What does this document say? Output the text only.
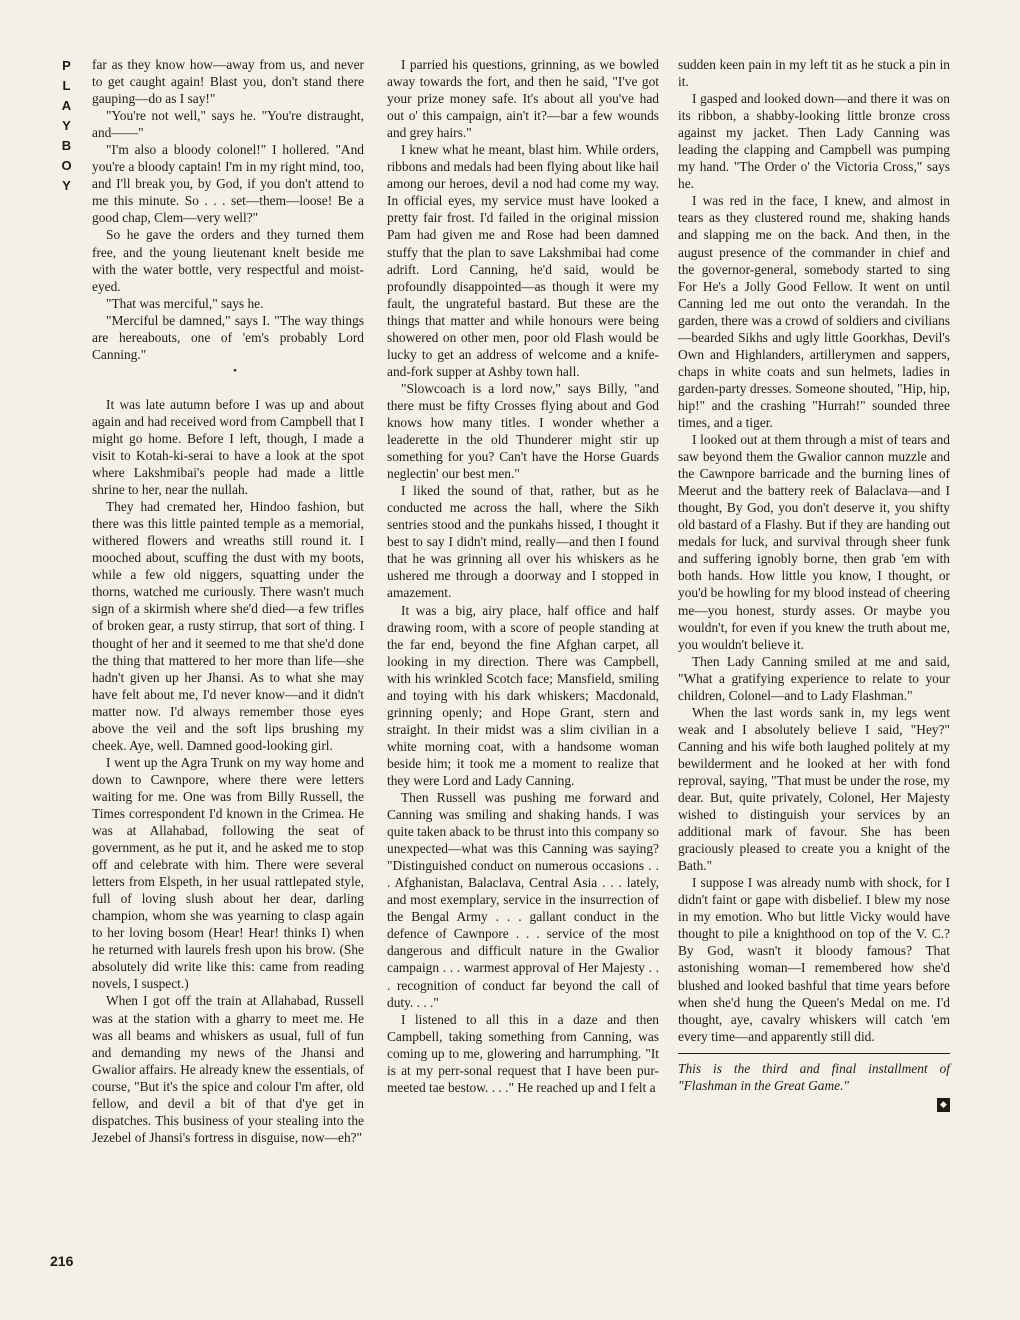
PLAYBOY far as they know how—away from us, and never to get caught again! Blast you, don't stand there gauping—do as I say!"

"You're not well," says he. "You're distraught, and——"

"I'm also a bloody colonel!" I hollered. "And you're a bloody captain! I'm in my right mind, too, and I'll break you, by God, if you don't attend to me this minute. So . . . set—them—loose! Be a good chap, Clem—very well?"

So he gave the orders and they turned them free, and the young lieutenant knelt beside me with the water bottle, very respectful and moist-eyed.

"That was merciful," says he.

"Merciful be damned," says I. "The way things are hereabouts, one of 'em's probably Lord Canning."

•

It was late autumn before I was up and about again and had received word from Campbell that I might go home. Before I left, though, I made a visit to Kotah-ki-serai to have a look at the spot where Lakshmibai's people had made a little shrine to her, near the nullah.

They had cremated her, Hindoo fashion, but there was this little painted temple as a memorial, withered flowers and wreaths still round it. I mooched about, scuffing the dust with my boots, while a few old niggers, squatting under the thorns, watched me curiously. There wasn't much sign of a skirmish where she'd died—a few trifles of broken gear, a rusty stirrup, that sort of thing. I thought of her and it seemed to me that she'd done the thing that mattered to her more than life—she hadn't given up her Jhansi. As to what she may have felt about me, I'd never know—and it didn't matter now. I'd always remember those eyes above the veil and the soft lips brushing my cheek. Aye, well. Damned good-looking girl.

I went up the Agra Trunk on my way home and down to Cawnpore, where there were letters waiting for me. One was from Billy Russell, the Times correspondent I'd known in the Crimea. He was at Allahabad, following the seat of government, as he put it, and he asked me to stop off and celebrate with him. There were several letters from Elspeth, in her usual rattlepated style, full of loving slush about her dear, darling champion, whom she was yearning to clasp again to her loving bosom (Hear! Hear! thinks I) when he returned with laurels fresh upon his brow. (She absolutely did write like this: came from reading novels, I suspect.)

When I got off the train at Allahabad, Russell was at the station with a gharry to meet me. He was all beams and whiskers as usual, full of fun and demanding my news of the Jhansi and Gwalior affairs. He already knew the essentials, of course, "But it's the spice and colour I'm after, old fellow, and devil a bit of that d'ye get in dispatches. This business of your stealing into the Jezebel of Jhansi's fortress in disguise, now—eh?"

I parried his questions, grinning, as we bowled away towards the fort, and then he said, "I've got your prize money safe. It's about all you've had out o' this campaign, ain't it?—bar a few wounds and grey hairs."

I knew what he meant, blast him. While orders, ribbons and medals had been flying about like hail among our heroes, devil a nod had come my way. In official eyes, my service must have looked a pretty fair frost. I'd failed in the original mission Pam had given me and Rose had been damned stuffy that the plan to save Lakshmibai had come adrift. Lord Canning, he'd said, would be profoundly disappointed—as though it were my fault, the ungrateful bastard. But these are the things that matter and while honours were being showered on other men, poor old Flash would be lucky to get an address of welcome and a knife-and-fork supper at Ashby town hall.

"Slowcoach is a lord now," says Billy, "and there must be fifty Crosses flying about and God knows how many titles. I wonder whether a leaderette in the old Thunderer might stir up something for you? Can't have the Horse Guards neglectin' our best men."

I liked the sound of that, rather, but as he conducted me across the hall, where the Sikh sentries stood and the punkahs hissed, I thought it best to say I didn't mind, really—and then I found that he was grinning all over his whiskers as he ushered me through a doorway and I stopped in amazement.

It was a big, airy place, half office and half drawing room, with a score of people standing at the far end, beyond the fine Afghan carpet, all looking in my direction. There was Campbell, with his wrinkled Scotch face; Mansfield, smiling and toying with his dark whiskers; Macdonald, grinning openly; and Hope Grant, stern and straight. In their midst was a slim civilian in a white morning coat, with a handsome woman beside him; it took me a moment to realize that they were Lord and Lady Canning.

Then Russell was pushing me forward and Canning was smiling and shaking hands. I was quite taken aback to be thrust into this company so unexpected—what was this Canning was saying? "Distinguished conduct on numerous occasions . . . Afghanistan, Balaclava, Central Asia . . . lately, and most exemplary, service in the insurrection of the Bengal Army . . . gallant conduct in the defence of Cawnpore . . . service of the most dangerous and difficult nature in the Gwalior campaign . . . warmest approval of Her Majesty . . . recognition of conduct far beyond the call of duty. . . ."

I listened to all this in a daze and then Campbell, taking something from Canning, was coming up to me, glowering and harrumphing. "It is at my perr-sonal request that I have been pur-meeted tae bestow. . . ." He reached up and I felt a

sudden keen pain in my left tit as he stuck a pin in it.

I gasped and looked down—and there it was on its ribbon, a shabby-looking little bronze cross against my jacket. Then Lady Canning was leading the clapping and Campbell was pumping my hand. "The Order o' the Victoria Cross," says he.

I was red in the face, I knew, and almost in tears as they clustered round me, shaking hands and slapping me on the back. And then, in the august presence of the commander in chief and the governor-general, somebody started to sing For He's a Jolly Good Fellow. It went on until Canning led me out onto the verandah. In the garden, there was a crowd of soldiers and civilians—bearded Sikhs and ugly little Goorkhas, Devil's Own and Highlanders, artillerymen and sappers, chaps in white coats and sun helmets, ladies in garden-party dresses. Someone shouted, "Hip, hip, hip!" and the crashing "Hurrah!" sounded three times, and a tiger.

I looked out at them through a mist of tears and saw beyond them the Gwalior cannon muzzle and the Cawnpore barricade and the burning lines of Meerut and the battery reek of Balaclava—and I thought, By God, you don't deserve it, you shifty old bastard of a Flashy. But if they are handing out medals for luck, and survival through sheer funk and suffering ignobly borne, then grab 'em with both hands. How little you know, I thought, or you'd be howling for my blood instead of cheering me—you honest, sturdy asses. Or maybe you wouldn't, for even if you knew the truth about me, you wouldn't believe it.

Then Lady Canning smiled at me and said, "What a gratifying experience to relate to your children, Colonel—and to Lady Flashman."

When the last words sank in, my legs went weak and I absolutely believe I said, "Hey?" Canning and his wife both laughed politely at my bewilderment and he looked at her with fond reproval, saying, "That must be under the rose, my dear. But, quite privately, Colonel, Her Majesty wished to distinguish your services by an additional mark of favour. She has been graciously pleased to create you a knight of the Bath."

I suppose I was already numb with shock, for I didn't faint or gape with disbelief. I blew my nose in my emotion. Who but little Vicky would have thought to pile a knighthood on top of the V. C.? By God, wasn't it bloody famous? That astonishing woman—I remembered how she'd blushed and looked bashful that time years before when she'd hung the Queen's Medal on me. I'd thought, aye, cavalry whiskers will catch 'em every time—and apparently still did.

This is the third and final installment of "Flashman in the Great Game."
◆
216
